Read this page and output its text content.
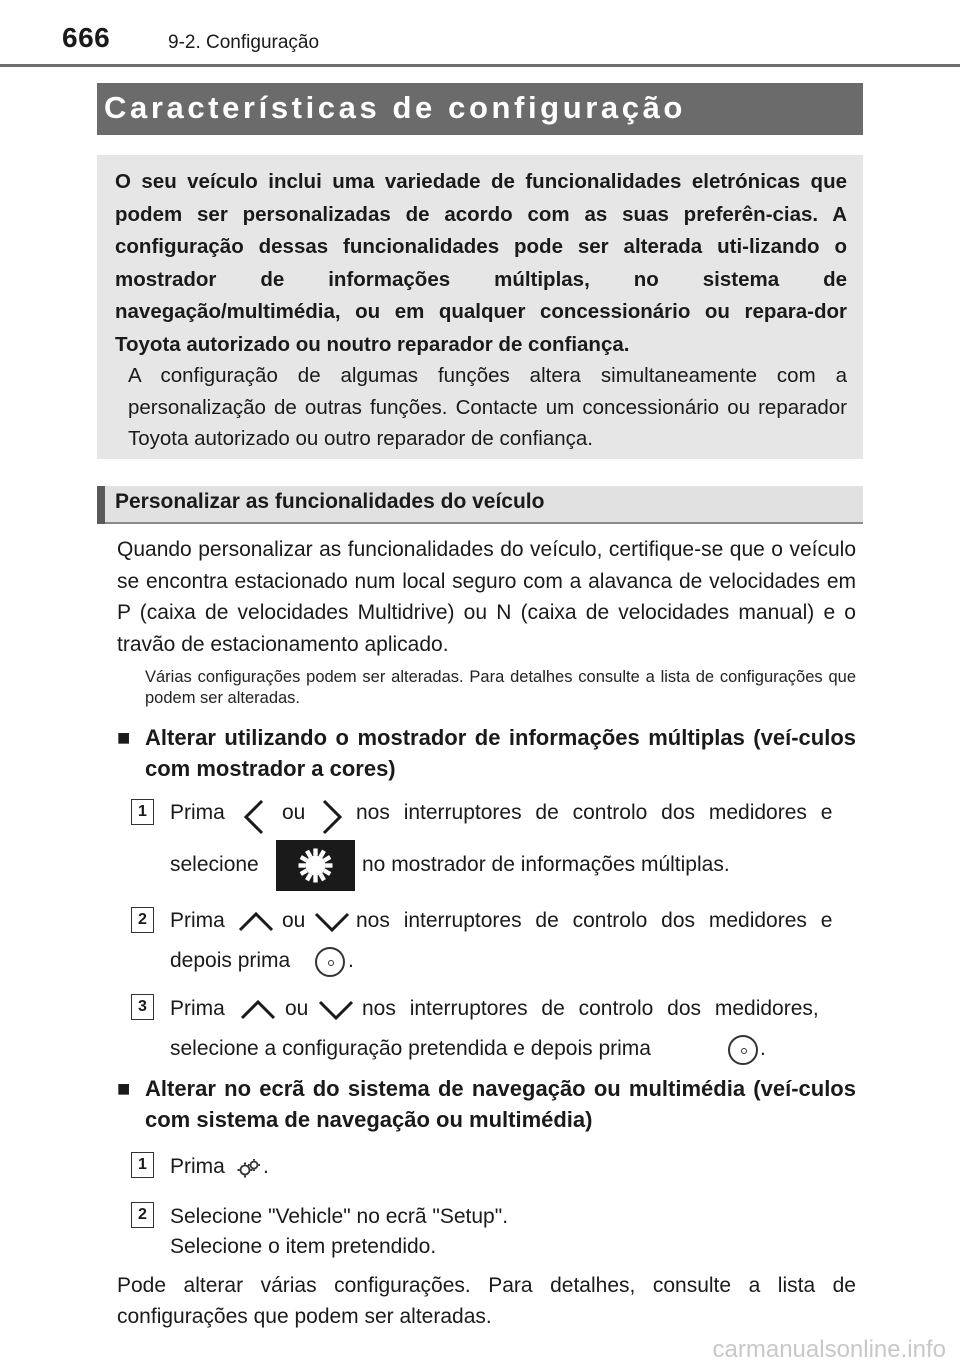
666	9-2. Configuração
Características de configuração
O seu veículo inclui uma variedade de funcionalidades eletrónicas que podem ser personalizadas de acordo com as suas preferên-cias. A configuração dessas funcionalidades pode ser alterada uti-lizando o mostrador de informações múltiplas, no sistema de navegação/multimédia, ou em qualquer concessionário ou repara-dor Toyota autorizado ou noutro reparador de confiança.
A configuração de algumas funções altera simultaneamente com a personalização de outras funções. Contacte um concessionário ou reparador Toyota autorizado ou outro reparador de confiança.
Personalizar as funcionalidades do veículo
Quando personalizar as funcionalidades do veículo, certifique-se que o veículo se encontra estacionado num local seguro com a alavanca de velocidades em P (caixa de velocidades Multidrive) ou N (caixa de velocidades manual) e o travão de estacionamento aplicado.
Várias configurações podem ser alteradas. Para detalhes consulte a lista de configurações que podem ser alteradas.
■ Alterar utilizando o mostrador de informações múltiplas (veí-culos com mostrador a cores)
1	Prima	ou nos interruptores de controlo dos medidores e
selecione	no mostrador de informações múltiplas.
2	Prima	ou nos interruptores de controlo dos medidores e
depois prima	.
3	Prima	ou	nos interruptores de controlo dos medidores,
selecione a configuração pretendida e depois prima	.
■ Alterar no ecrã do sistema de navegação ou multimédia (veí-culos com sistema de navegação ou multimédia)
1	Prima .
2	Selecione "Vehicle" no ecrã "Setup".
Selecione o item pretendido.
Pode alterar várias configurações. Para detalhes, consulte a lista de configurações que podem ser alteradas.
carmanualsonline.info
